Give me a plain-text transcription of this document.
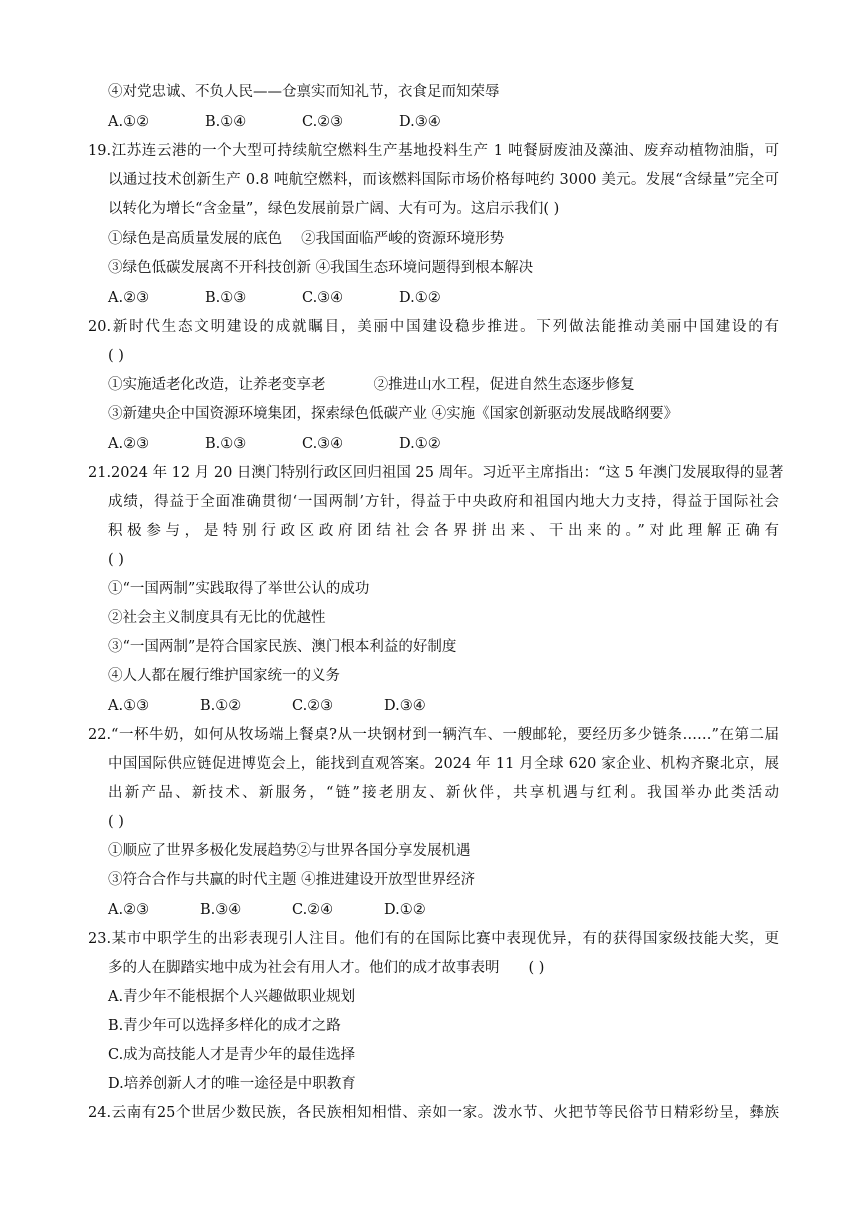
④对党忠诚、不负人民——仓禀实而知礼节，衣食足而知荣辱
A.①②	B.①④	C.②③	D.③④
19.江苏连云港的一个大型可持续航空燃料生产基地投料生产 1 吨餐厨废油及藻油、废弃动植物油脂，可
以通过技术创新生产 0.8 吨航空燃料，而该燃料国际市场价格每吨约 3000 美元。发展“含绿量”完全可
以转化为增长“含金量”，绿色发展前景广阔、大有可为。这启示我们( )
①绿色是高质量发展的底色　 ②我国面临严峻的资源环境形势
③绿色低碳发展离不开科技创新 ④我国生态环境问题得到根本解决
A.②③	B.①③	C.③④	D.①②
20.新时代生态文明建设的成就瞩目，美丽中国建设稳步推进。下列做法能推动美丽中国建设的有
( )
①实施适老化改造，让养老变享老　　　 ②推进山水工程，促进自然生态逐步修复
③新建央企中国资源环境集团，探索绿色低碳产业 ④实施《国家创新驱动发展战略纲要》
A.②③	B.①③	C.③④	D.①②
21.2024 年 12 月 20 日澳门特别行政区回归祖国 25 周年。习近平主席指出：“这 5 年澳门发展取得的显著
成绩，得益于全面准确贯彻‘一国两制’方针，得益于中央政府和祖国内地大力支持，得益于国际社会
积极参与，是特别行政区政府团结社会各界拼出来、干出来的。”对此理解正确有
( )
①“一国两制”实践取得了举世公认的成功
②社会主义制度具有无比的优越性
③“一国两制”是符合国家民族、澳门根本利益的好制度
④人人都在履行维护国家统一的义务
A.①③	B.①②	C.②③	D.③④
22.“一杯牛奶，如何从牧场端上餐桌?从一块钢材到一辆汽车、一艘邮轮，要经历多少链条……”在第二届
中国国际供应链促进博览会上，能找到直观答案。2024 年 11 月全球 620 家企业、机构齐聚北京，展
出新产品、新技术、新服务，“链”接老朋友、新伙伴，共享机遇与红利。我国举办此类活动
( )
①顺应了世界多极化发展趋势②与世界各国分享发展机遇
③符合合作与共赢的时代主题 ④推进建设开放型世界经济
A.②③	B.③④	C.②④	D.①②
23.某市中职学生的出彩表现引人注目。他们有的在国际比赛中表现优异，有的获得国家级技能大奖，更
多的人在脚踏实地中成为社会有用人才。他们的成才故事表明　　( )
A.青少年不能根据个人兴趣做职业规划
B.青少年可以选择多样化的成才之路
C.成为高技能人才是青少年的最佳选择
D.培养创新人才的唯一途径是中职教育
24.云南有25个世居少数民族，各民族相知相惜、亲如一家。泼水节、火把节等民俗节日精彩纷呈，彝族
